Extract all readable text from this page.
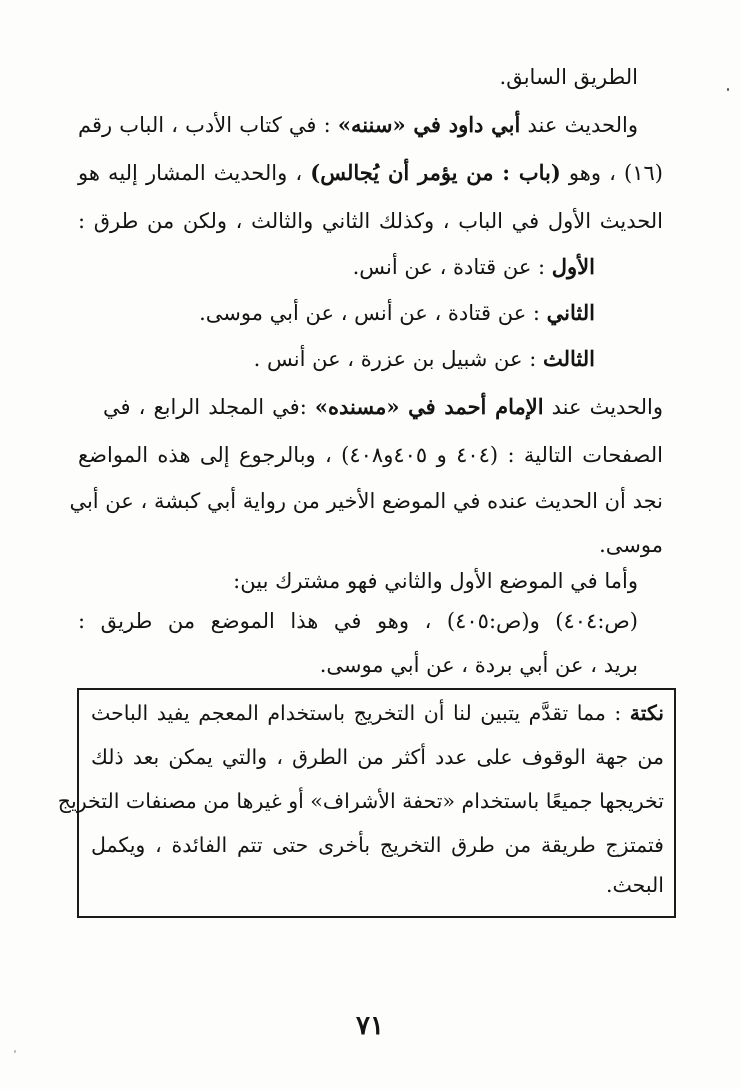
الطريق السابق.
والحديث عند أبي داود في «سننه» : في كتاب الأدب ، الباب رقم
(١٦) ، وهو (باب : من يؤمر أن يُجالس) ، والحديث المشار إليه هو
الحديث الأول في الباب ، وكذلك الثاني والثالث ، ولكن من طرق :
الأول : عن قتادة ، عن أنس.
الثاني : عن قتادة ، عن أنس ، عن أبي موسى.
الثالث : عن شبيل بن عزرة ، عن أنس .
والحديث عند الإمام أحمد في «مسنده» :في المجلد الرابع ، في
الصفحات التالية : (٤٠٤ و ٤٠٥و٤٠٨) ، وبالرجوع إلى هذه المواضع
نجد أن الحديث عنده في الموضع الأخير من رواية أبي كبشة ، عن أبي
موسى.
وأما في الموضع الأول والثاني فهو مشترك بين:
(ص:٤٠٤) و(ص:٤٠٥) ، وهو في هذا الموضع من طريق :
بريد ، عن أبي بردة ، عن أبي موسى.
نكتة : مما تقدَّم يتبين لنا أن التخريج باستخدام المعجم يفيد الباحث
من جهة الوقوف على عدد أكثر من الطرق ، والتي يمكن بعد ذلك
تخريجها جميعًا باستخدام «تحفة الأشراف» أو غيرها من مصنفات التخريج
فتمتزج طريقة من طرق التخريج بأخرى حتى تتم الفائدة ، ويكمل
البحث.
٧١
